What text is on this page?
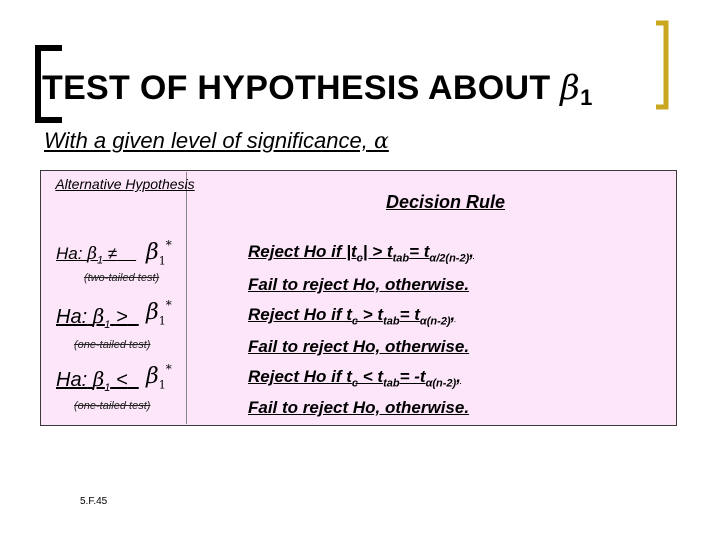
TEST OF HYPOTHESIS ABOUT $\beta_1$
With a given level of significance, α
Alternative Hypothesis
Decision Rule
Ha: $\beta_1$ ≠	$\beta_1^*$
(two-tailed test)
Ha: $\beta_1 > \beta_1^*$
(one-tailed test)
Ha: $\beta_1 < \beta_1^*$
(one-tailed test)
Reject Ho if $|t_c| > t_{tab}= t_{\alpha/2(n-2)}$,
Fail to reject Ho, otherwise.
Reject Ho if $t_c > t_{tab}= t_{\alpha(n-2)}$,
Fail to reject Ho, otherwise.
Reject Ho if $t_c < t_{tab}= -t_{\alpha(n-2)}$,
Fail to reject Ho, otherwise.
5.F.45
